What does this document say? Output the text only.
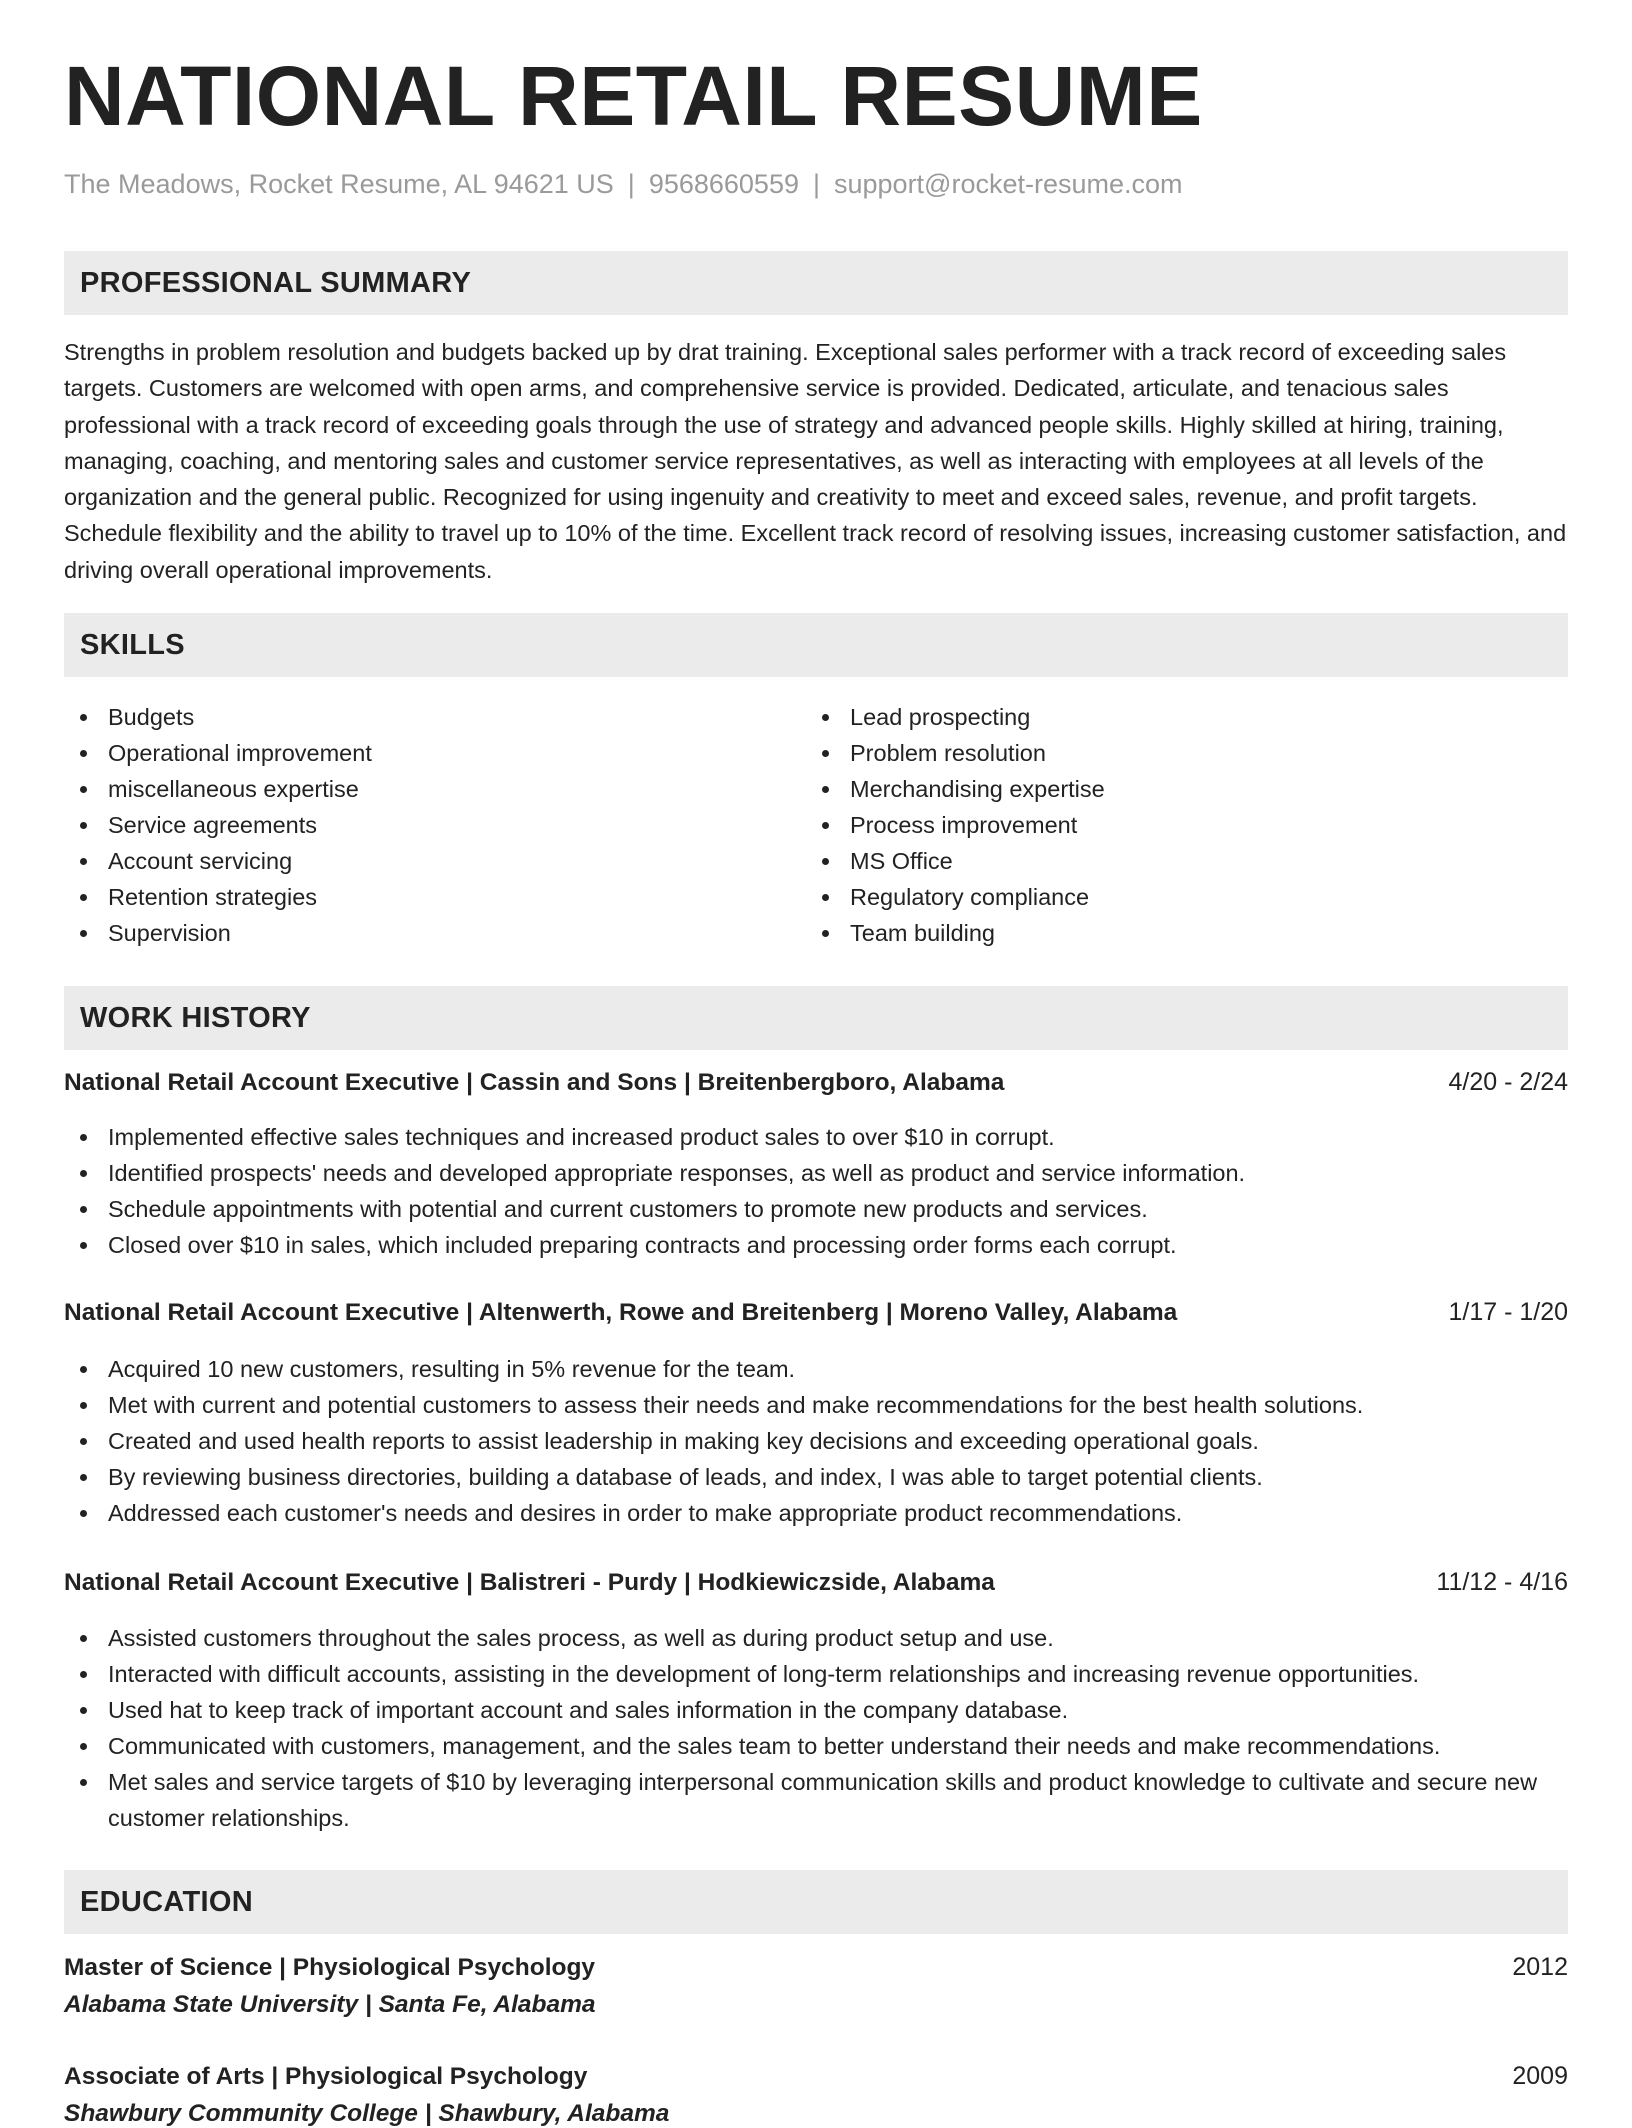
NATIONAL RETAIL RESUME
The Meadows, Rocket Resume, AL 94621 US | 9568660559 | support@rocket-resume.com
PROFESSIONAL SUMMARY

Strengths in problem resolution and budgets backed up by drat training. Exceptional sales performer with a track record of exceeding sales targets. Customers are welcomed with open arms, and comprehensive service is provided. Dedicated, articulate, and tenacious sales professional with a track record of exceeding goals through the use of strategy and advanced people skills. Highly skilled at hiring, training, managing, coaching, and mentoring sales and customer service representatives, as well as interacting with employees at all levels of the organization and the general public. Recognized for using ingenuity and creativity to meet and exceed sales, revenue, and profit targets. Schedule flexibility and the ability to travel up to 10% of the time. Excellent track record of resolving issues, increasing customer satisfaction, and driving overall operational improvements.

SKILLS
Budgets
Operational improvement
miscellaneous expertise
Service agreements
Account servicing
Retention strategies
Supervision
Lead prospecting
Problem resolution
Merchandising expertise
Process improvement
MS Office
Regulatory compliance
Team building
WORK HISTORY
National Retail Account Executive | Cassin and Sons | Breitenbergboro, Alabama	4/20 - 2/24
Implemented effective sales techniques and increased product sales to over $10 in corrupt.
Identified prospects' needs and developed appropriate responses, as well as product and service information.
Schedule appointments with potential and current customers to promote new products and services.
Closed over $10 in sales, which included preparing contracts and processing order forms each corrupt.
National Retail Account Executive | Altenwerth, Rowe and Breitenberg | Moreno Valley, Alabama	1/17 - 1/20
Acquired 10 new customers, resulting in 5% revenue for the team.
Met with current and potential customers to assess their needs and make recommendations for the best health solutions.
Created and used health reports to assist leadership in making key decisions and exceeding operational goals.
By reviewing business directories, building a database of leads, and index, I was able to target potential clients.
Addressed each customer's needs and desires in order to make appropriate product recommendations.
National Retail Account Executive | Balistreri - Purdy | Hodkiewiczside, Alabama	11/12 - 4/16
Assisted customers throughout the sales process, as well as during product setup and use.
Interacted with difficult accounts, assisting in the development of long-term relationships and increasing revenue opportunities.
Used hat to keep track of important account and sales information in the company database.
Communicated with customers, management, and the sales team to better understand their needs and make recommendations.
Met sales and service targets of $10 by leveraging interpersonal communication skills and product knowledge to cultivate and secure new customer relationships.
EDUCATION
Master of Science | Physiological Psychology	2012
Alabama State University | Santa Fe, Alabama
Associate of Arts | Physiological Psychology	2009
Shawbury Community College | Shawbury, Alabama
